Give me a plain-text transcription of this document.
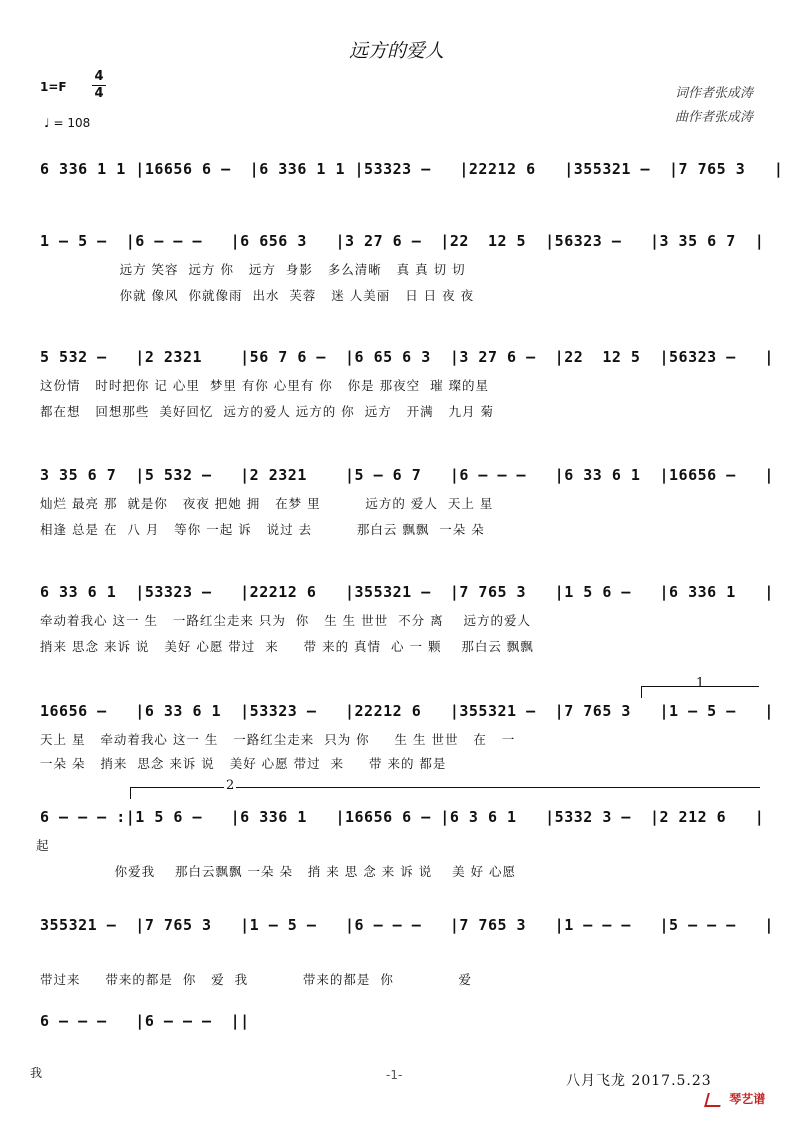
远方的爱人
1=F
4
4
♩ = 108
词作者张成涛
曲作者张成涛
6 336 1 1 |16656 6 –  |6 336 1 1 |53323 –   |22212 6   |355321 –  |7 765 3   |
1 – 5 –  |6 – – –   |6 656 3   |3 27 6 –  |22  12 5  |56323 –   |3 35 6 7  |
远方 笑容  远方 你   远方  身影   多么清晰   真 真 切 切
你就 像风  你就像雨  出水  芙蓉   迷 人美丽   日 日 夜 夜
5 532 –   |2 2321    |56 7 6 –  |6 65 6 3  |3 27 6 –  |22  12 5  |56323 –   |
这份情   时时把你 记 心里  梦里 有你 心里有 你   你是 那夜空  璀 璨的星
都在想   回想那些  美好回忆  远方的爱人 远方的 你  远方   开满   九月 菊
3 35 6 7  |5 532 –   |2 2321    |5 – 6 7   |6 – – –   |6 33 6 1  |16656 –   |
灿烂 最亮 那  就是你   夜夜 把她 拥   在梦 里         远方的 爱人  天上 星
相逢 总是 在  八 月   等你 一起 诉   说过 去         那白云 飘飘  一朵 朵
6 33 6 1  |53323 –   |22212 6   |355321 –  |7 765 3   |1 5 6 –   |6 336 1   |
牵动着我心 这一 生   一路红尘走来 只为  你   生 生 世世  不分 离    远方的爱人
捎来 思念 来诉 说   美好 心愿 带过  来     带 来的 真情  心 一 颗    那白云 飘飘
1
16656 –   |6 33 6 1  |53323 –   |22212 6   |355321 –  |7 765 3   |1 – 5 –   |
天上 星   牵动着我心 这一 生   一路红尘走来  只为 你     生 生 世世   在   一
一朵 朵   捎来  思念 来诉 说   美好 心愿 带过  来     带 来的 都是
2
6 – – – :|1 5 6 –   |6 336 1   |16656 6 – |6 3 6 1   |5332 3 –  |2 212 6   |
起
你爱我    那白云飘飘 一朵 朵   捎 来 思 念 来 诉 说    美 好 心愿
355321 –  |7 765 3   |1 – 5 –   |6 – – –   |7 765 3   |1 – – –   |5 – – –   |
带过来     带来的都是  你   爱  我           带来的都是  你             爱
6 – – –   |6 – – –  ||
我	-1-	八月飞龙 2017.5.23
琴艺谱
